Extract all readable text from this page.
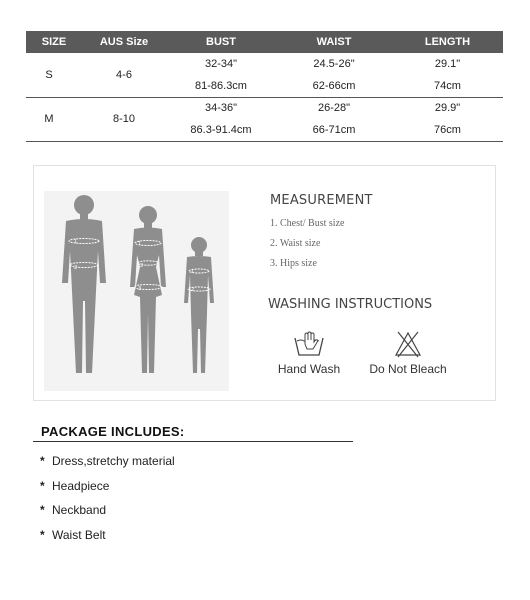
SIZE	AUS Size	BUST	WAIST	LENGTH
S	4-6	32-34"	24.5-26"	29.1"
		81-86.3cm	62-66cm	74cm
M	8-10	34-36"	26-28"	29.9"
		86.3-91.4cm	66-71cm	76cm
1
2
1
2
3
1
2
MEASUREMENT
1. Chest/ Bust size
2. Waist size
3. Hips size
WASHING INSTRUCTIONS
Hand Wash	Do Not Bleach
PACKAGE INCLUDES:
* Dress,stretchy material
* Headpiece
* Neckband
* Waist Belt
